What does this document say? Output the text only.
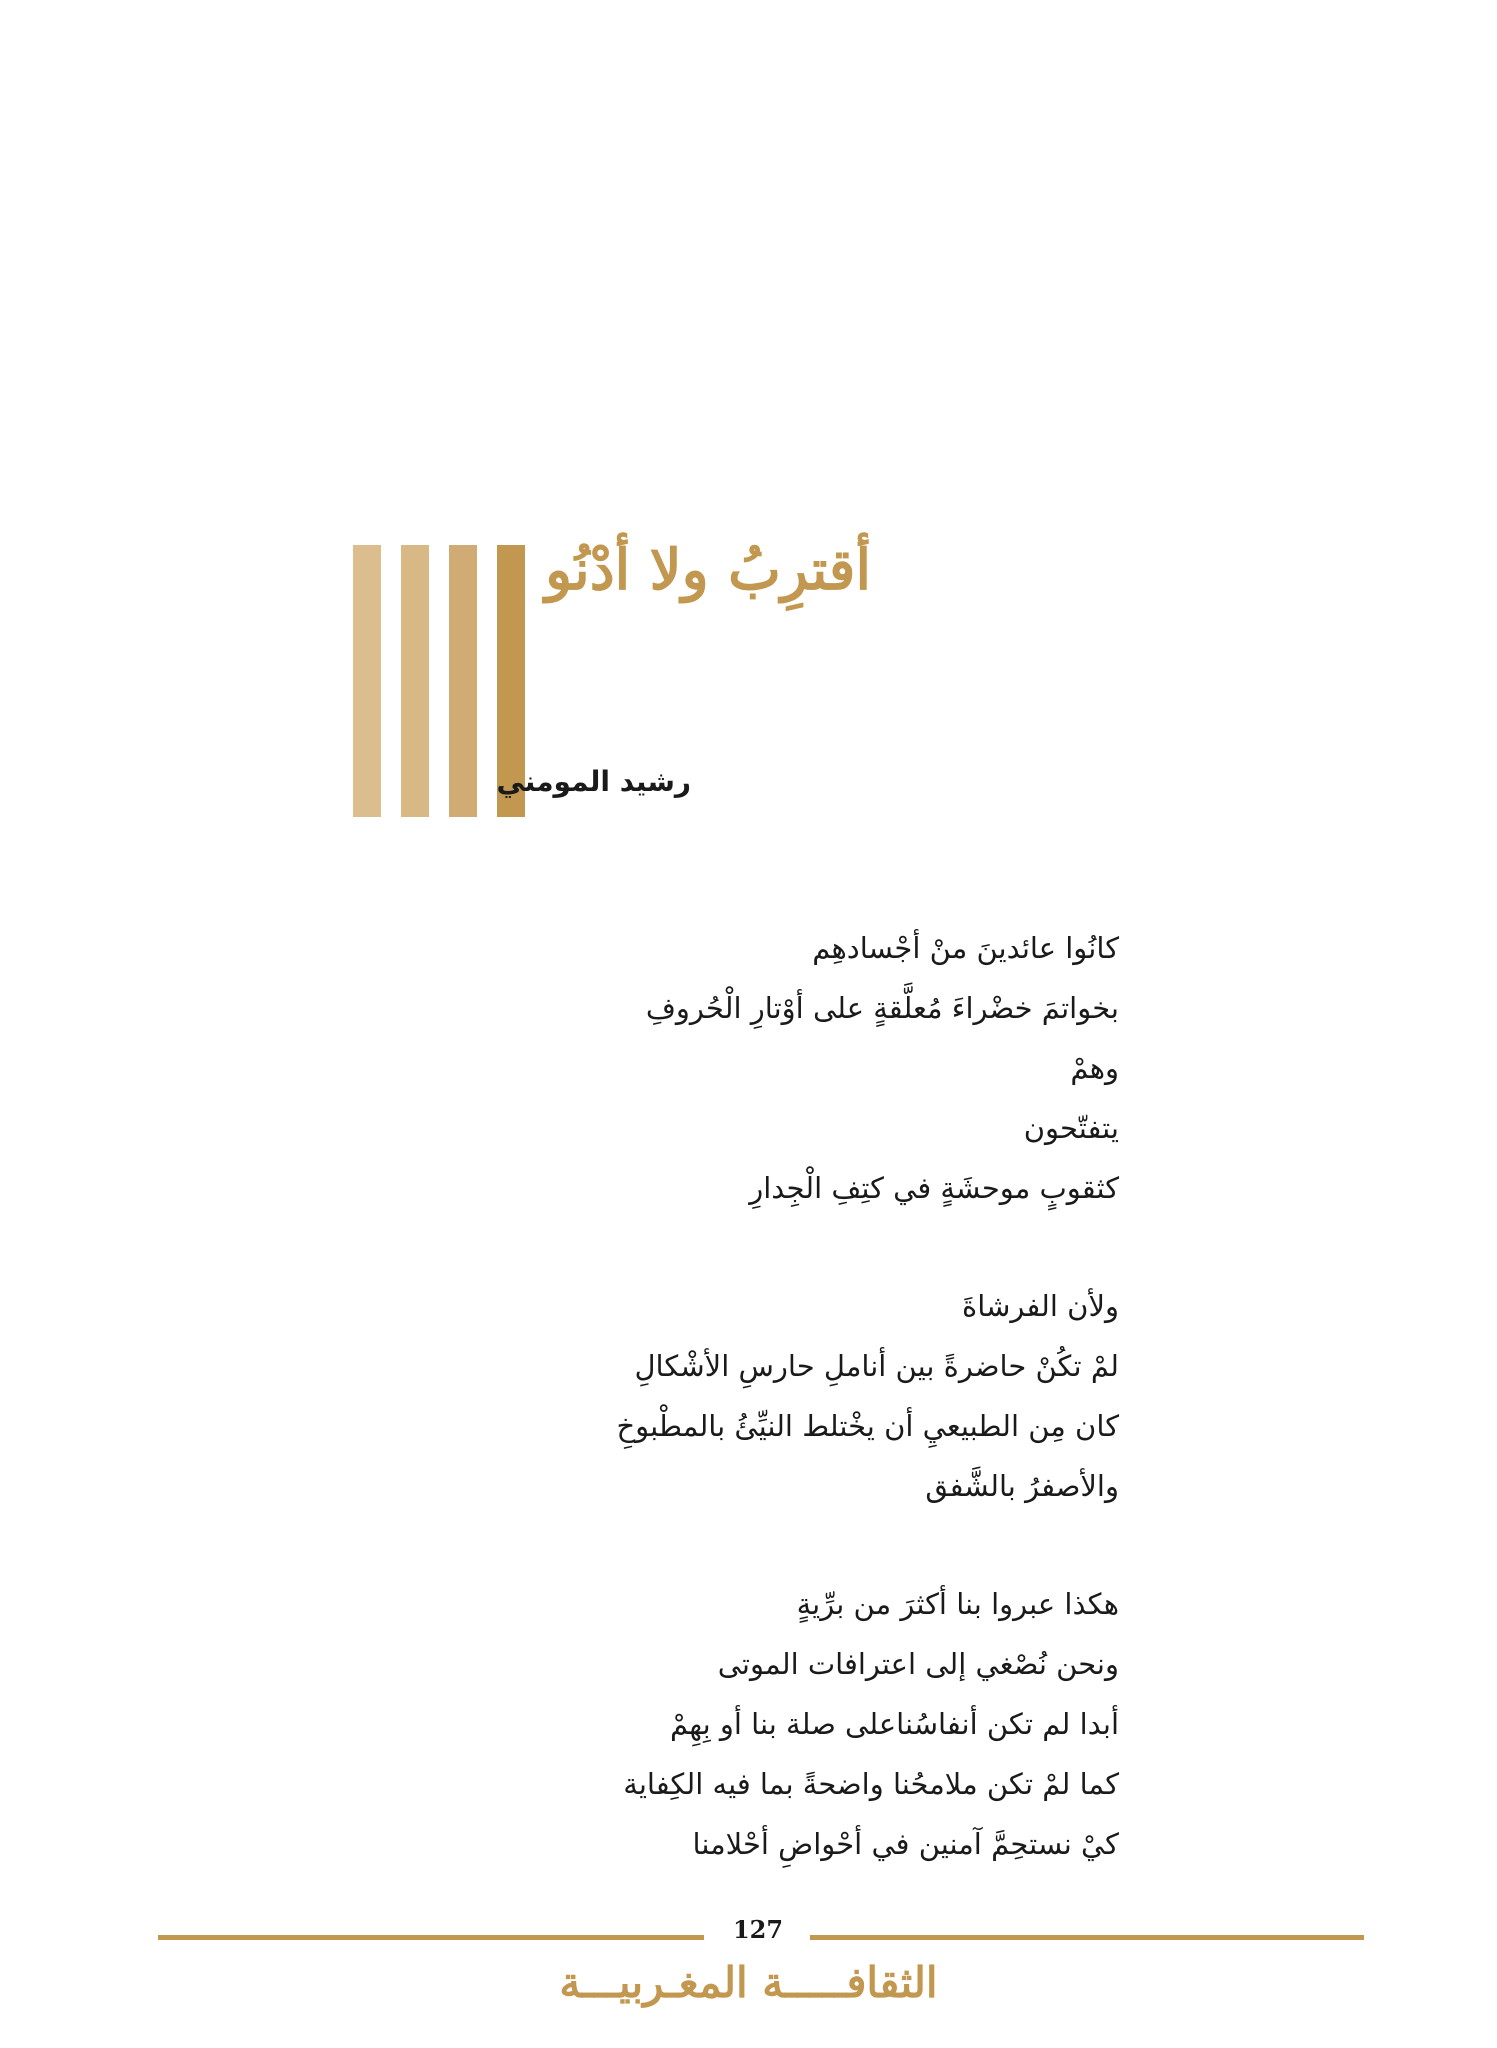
أقترِبُ ولا أدْنُو
رشيد المومني
كانُوا عائدينَ منْ أجْسادهِم
بخواتمَ خضْراءَ مُعلَّقةٍ على أوْتارِ الْحُروفِ
وهمْ
يتفتّحون
كثقوبٍ موحشَةٍ في كتِفِ الْجِدارِ
ولأن الفرشاةَ
لمْ تكُنْ حاضرةً بين أناملِ حارسِ الأشْكالِ
كان مِن الطبيعيِ أن يخْتلط النيِّئُ بالمطْبوخِ
والأصفرُ بالشَّفق
هكذا عبروا بنا أكثرَ من برِّيةٍ
ونحن نُصْغي إلى اعترافات الموتى
أبدا لم تكن أنفاسُناعلى صلة بنا أو بِهِمْ
كما لمْ تكن ملامحُنا واضحةً بما فيه الكِفاية
كيْ نستحِمَّ آمنين في أحْواضِ أحْلامنا
127
الثقافـــــة المغـربيـــة
